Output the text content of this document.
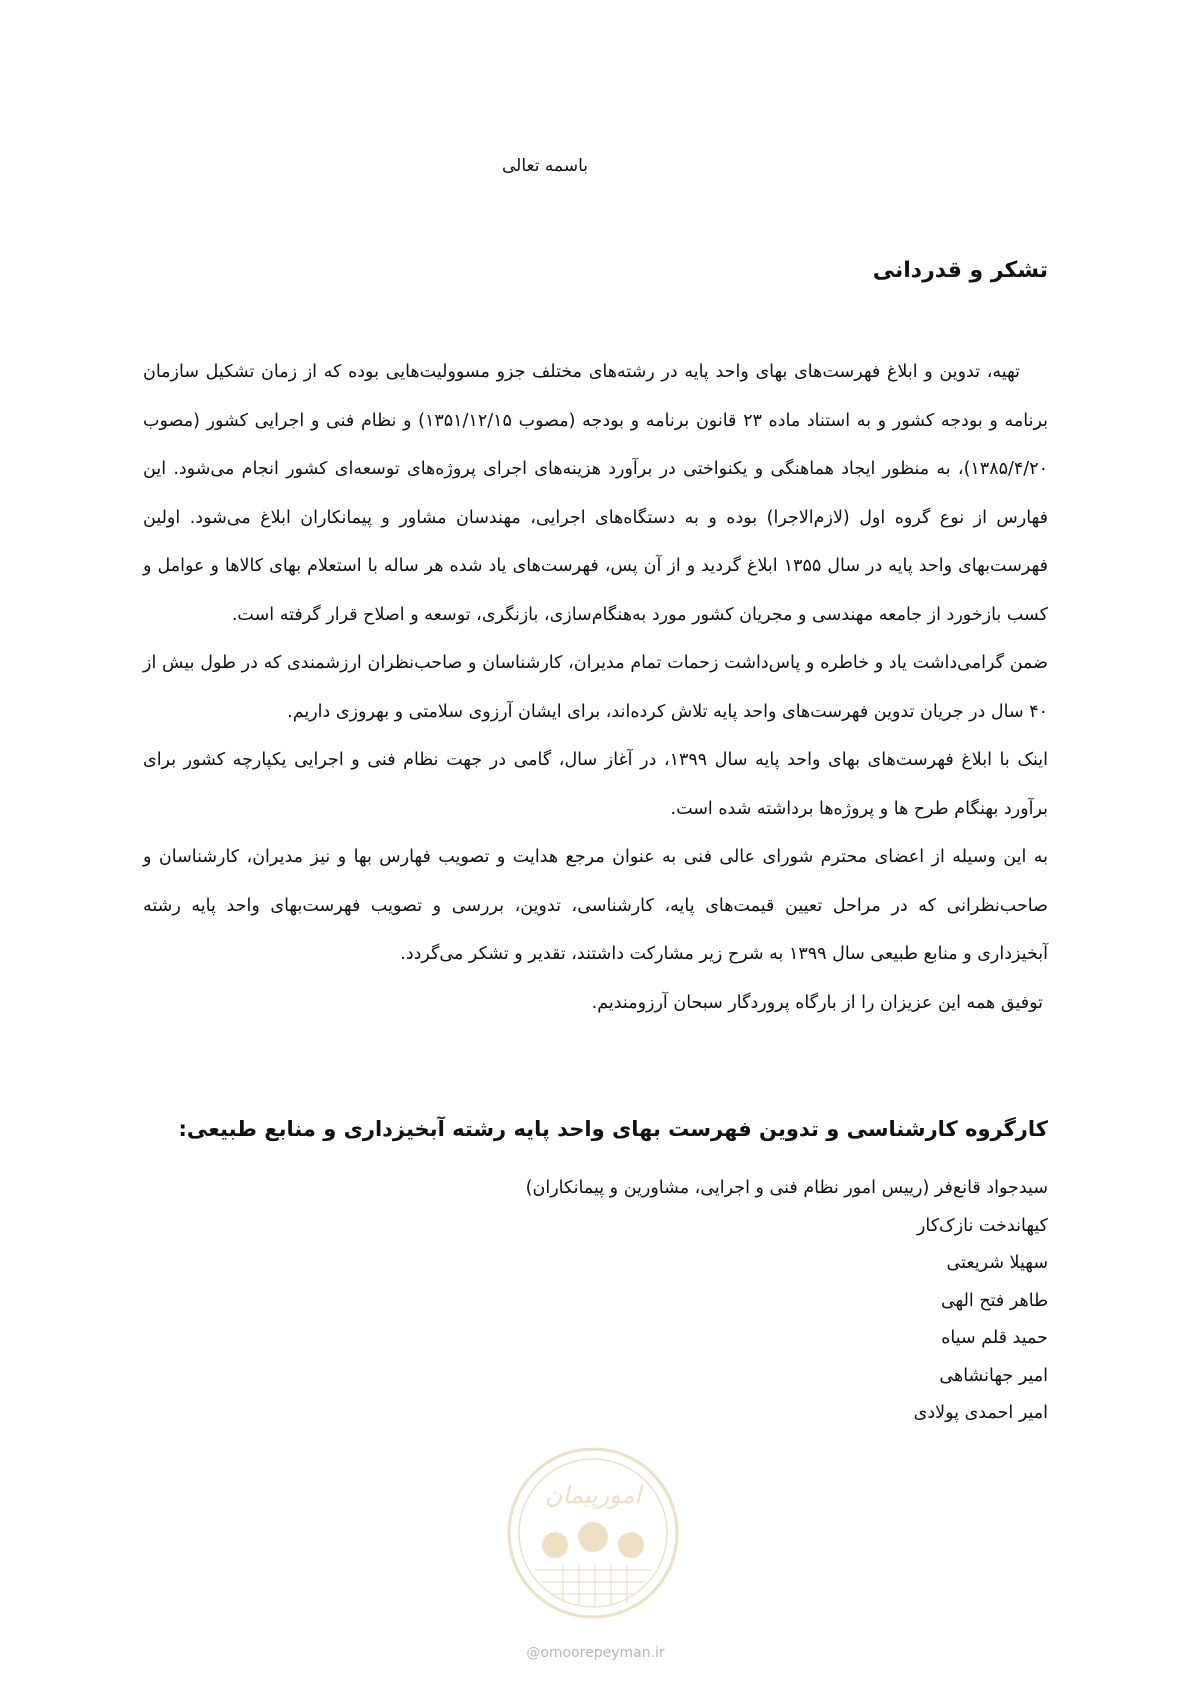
باسمه تعالی
تشکر و قدردانی

تهیه، تدوین و ابلاغ فهرست‌های بهای واحد پایه در رشته‌های مختلف جزو مسوولیت‌هایی بوده که از زمان تشکیل سازمان برنامه و بودجه کشور و به استناد ماده ۲۳ قانون برنامه و بودجه (مصوب ۱۳۵۱/۱۲/۱۵) و نظام فنی و اجرایی کشور (مصوب ۱۳۸۵/۴/۲۰)، به منظور ایجاد هماهنگی و یکنواختی در برآورد هزینه‌های اجرای پروژه‌های توسعه‌ای کشور انجام می‌شود. این فهارس از نوع گروه اول (لازم‌الاجرا) بوده و به دستگاه‌های اجرایی، مهندسان مشاور و پیمانکاران ابلاغ می‌شود. اولین فهرست‌بهای واحد پایه در سال ۱۳۵۵ ابلاغ گردید و از آن پس، فهرست‌های یاد شده هر ساله با استعلام بهای کالاها و عوامل و کسب بازخورد از جامعه مهندسی و مجریان کشور مورد به‌هنگام‌سازی، بازنگری، توسعه و اصلاح قرار گرفته است.

ضمن گرامی‌داشت یاد و خاطره و پاس‌داشت زحمات تمام مدیران، کارشناسان و صاحب‌نظران ارزشمندی که در طول بیش از ۴۰ سال در جریان تدوین فهرست‌های واحد پایه تلاش کرده‌اند، برای ایشان آرزوی سلامتی و بهروزی داریم.

اینک با ابلاغ فهرست‌های بهای واحد پایه سال ۱۳۹۹، در آغاز سال، گامی در جهت نظام فنی و اجرایی یکپارچه کشور برای برآورد بهنگام طرح ها و پروژه‌ها برداشته شده است.

به این وسیله از اعضای محترم شورای عالی فنی به عنوان مرجع هدایت و تصویب فهارس بها و نیز مدیران، کارشناسان و صاحب‌نظرانی که در مراحل تعیین قیمت‌های پایه، کارشناسی، تدوین، بررسی و تصویب فهرست‌بهای واحد پایه رشته آبخیزداری و منابع طبیعی سال ۱۳۹۹ به شرح زیر مشارکت داشتند، تقدیر و تشکر می‌گردد.

توفیق همه این عزیزان را از بارگاه پروردگار سبحان آرزومندیم.

کارگروه کارشناسی و تدوین فهرست بهای واحد پایه رشته آبخیزداری و منابع طبیعی:
سیدجواد قانع‌فر (رییس امور نظام فنی و اجرایی، مشاورین و پیمانکاران)
کیهاندخت نازک‌کار
سهیلا شریعتی
طاهر فتح الهی
حمید قلم سیاه
امیر جهانشاهی
امیر احمدی پولادی
امورپیمان
@omoorepeyman.ir
